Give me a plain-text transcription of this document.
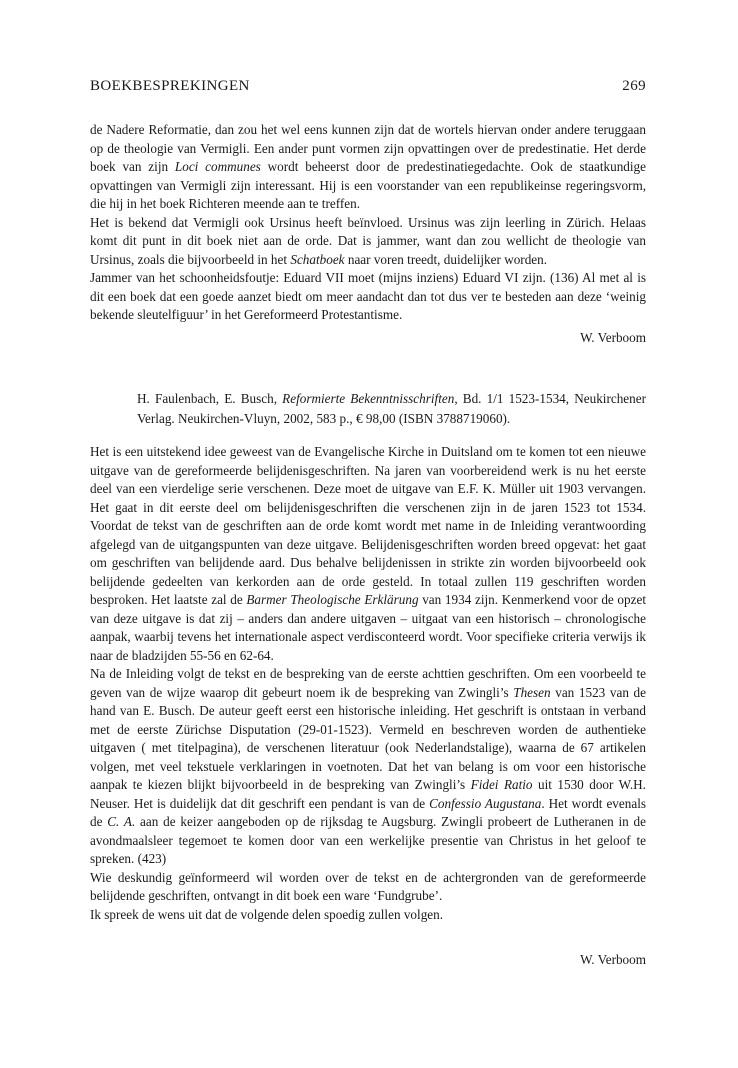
BOEKBESPREKINGEN	269

de Nadere Reformatie, dan zou het wel eens kunnen zijn dat de wortels hiervan onder andere teruggaan op de theologie van Vermigli. Een ander punt vormen zijn opvattingen over de predestinatie. Het derde boek van zijn Loci communes wordt beheerst door de predestinatiegedachte. Ook de staatkundige opvattingen van Vermigli zijn interessant. Hij is een voorstander van een republikeinse regeringsvorm, die hij in het boek Richteren meende aan te treffen.

Het is bekend dat Vermigli ook Ursinus heeft beïnvloed. Ursinus was zijn leerling in Zürich. Helaas komt dit punt in dit boek niet aan de orde. Dat is jammer, want dan zou wellicht de theologie van Ursinus, zoals die bijvoorbeeld in het Schatboek naar voren treedt, duidelijker worden.

Jammer van het schoonheidsfoutje: Eduard VII moet (mijns inziens) Eduard VI zijn. (136) Al met al is dit een boek dat een goede aanzet biedt om meer aandacht dan tot dus ver te besteden aan deze ‘weinig bekende sleutelfiguur’ in het Gereformeerd Protestantisme.

W. Verboom
H. Faulenbach, E. Busch, Reformierte Bekenntnisschriften, Bd. 1/1 1523-1534, Neukirchener Verlag. Neukirchen-Vluyn, 2002, 583 p., € 98,00 (ISBN 3788719060).

Het is een uitstekend idee geweest van de Evangelische Kirche in Duitsland om te komen tot een nieuwe uitgave van de gereformeerde belijdenisgeschriften. Na jaren van voorbereidend werk is nu het eerste deel van een vierdelige serie verschenen. Deze moet de uitgave van E.F. K. Müller uit 1903 vervangen. Het gaat in dit eerste deel om belijdenisgeschriften die verschenen zijn in de jaren 1523 tot 1534. Voordat de tekst van de geschriften aan de orde komt wordt met name in de Inleiding verantwoording afgelegd van de uitgangspunten van deze uitgave. Belijdenisgeschriften worden breed opgevat: het gaat om geschriften van belijdende aard. Dus behalve belijdenissen in strikte zin worden bijvoorbeeld ook belijdende gedeelten van kerkorden aan de orde gesteld. In totaal zullen 119 geschriften worden besproken. Het laatste zal de Barmer Theologische Erklärung van 1934 zijn. Kenmerkend voor de opzet van deze uitgave is dat zij – anders dan andere uitgaven – uitgaat van een historisch – chronologische aanpak, waarbij tevens het internationale aspect verdisconteerd wordt. Voor specifieke criteria verwijs ik naar de bladzijden 55-56 en 62-64.

Na de Inleiding volgt de tekst en de bespreking van de eerste achttien geschriften. Om een voorbeeld te geven van de wijze waarop dit gebeurt noem ik de bespreking van Zwingli’s Thesen van 1523 van de hand van E. Busch. De auteur geeft eerst een historische inleiding. Het geschrift is ontstaan in verband met de eerste Zürichse Disputation (29-01-1523). Vermeld en beschreven worden de authentieke uitgaven ( met titelpagina), de verschenen literatuur (ook Nederlandstalige), waarna de 67 artikelen volgen, met veel tekstuele verklaringen in voetnoten. Dat het van belang is om voor een historische aanpak te kiezen blijkt bijvoorbeeld in de bespreking van Zwingli’s Fidei Ratio uit 1530 door W.H. Neuser. Het is duidelijk dat dit geschrift een pendant is van de Confessio Augustana. Het wordt evenals de C. A. aan de keizer aangeboden op de rijksdag te Augsburg. Zwingli probeert de Lutheranen in de avondmaalsleer tegemoet te komen door van een werkelijke presentie van Christus in het geloof te spreken. (423)

Wie deskundig geïnformeerd wil worden over de tekst en de achtergronden van de gereformeerde belijdende geschriften, ontvangt in dit boek een ware ‘Fundgrube’.

Ik spreek de wens uit dat de volgende delen spoedig zullen volgen.

W. Verboom
